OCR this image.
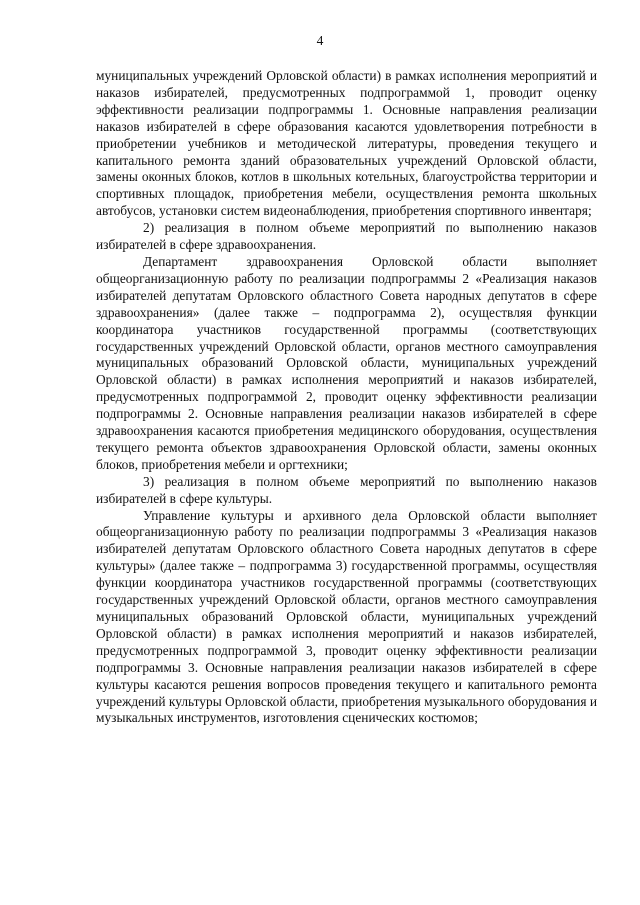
4

муниципальных учреждений Орловской области) в рамках исполнения мероприятий и наказов избирателей, предусмотренных подпрограммой 1, проводит оценку эффективности реализации подпрограммы 1. Основные направления реализации наказов избирателей в сфере образования касаются удовлетворения потребности в приобретении учебников и методической литературы, проведения текущего и капитального ремонта зданий образовательных учреждений Орловской области, замены оконных блоков, котлов в школьных котельных, благоустройства территории и спортивных площадок, приобретения мебели, осуществления ремонта школьных автобусов, установки систем видеонаблюдения, приобретения спортивного инвентаря;

2) реализация в полном объеме мероприятий по выполнению наказов избирателей в сфере здравоохранения.

Департамент здравоохранения Орловской области выполняет общеорганизационную работу по реализации подпрограммы 2 «Реализация наказов избирателей депутатам Орловского областного Совета народных депутатов в сфере здравоохранения» (далее также – подпрограмма 2), осуществляя функции координатора участников государственной программы (соответствующих государственных учреждений Орловской области, органов местного самоуправления муниципальных образований Орловской области, муниципальных учреждений Орловской области) в рамках исполнения мероприятий и наказов избирателей, предусмотренных подпрограммой 2, проводит оценку эффективности реализации подпрограммы 2. Основные направления реализации наказов избирателей в сфере здравоохранения касаются приобретения медицинского оборудования, осуществления текущего ремонта объектов здравоохранения Орловской области, замены оконных блоков, приобретения мебели и оргтехники;

3) реализация в полном объеме мероприятий по выполнению наказов избирателей в сфере культуры.

Управление культуры и архивного дела Орловской области выполняет общеорганизационную работу по реализации подпрограммы 3 «Реализация наказов избирателей депутатам Орловского областного Совета народных депутатов в сфере культуры» (далее также – подпрограмма 3) государственной программы, осуществляя функции координатора участников государственной программы (соответствующих государственных учреждений Орловской области, органов местного самоуправления муниципальных образований Орловской области, муниципальных учреждений Орловской области) в рамках исполнения мероприятий и наказов избирателей, предусмотренных подпрограммой 3, проводит оценку эффективности реализации подпрограммы 3. Основные направления реализации наказов избирателей в сфере культуры касаются решения вопросов проведения текущего и капитального ремонта учреждений культуры Орловской области, приобретения музыкального оборудования и музыкальных инструментов, изготовления сценических костюмов;
